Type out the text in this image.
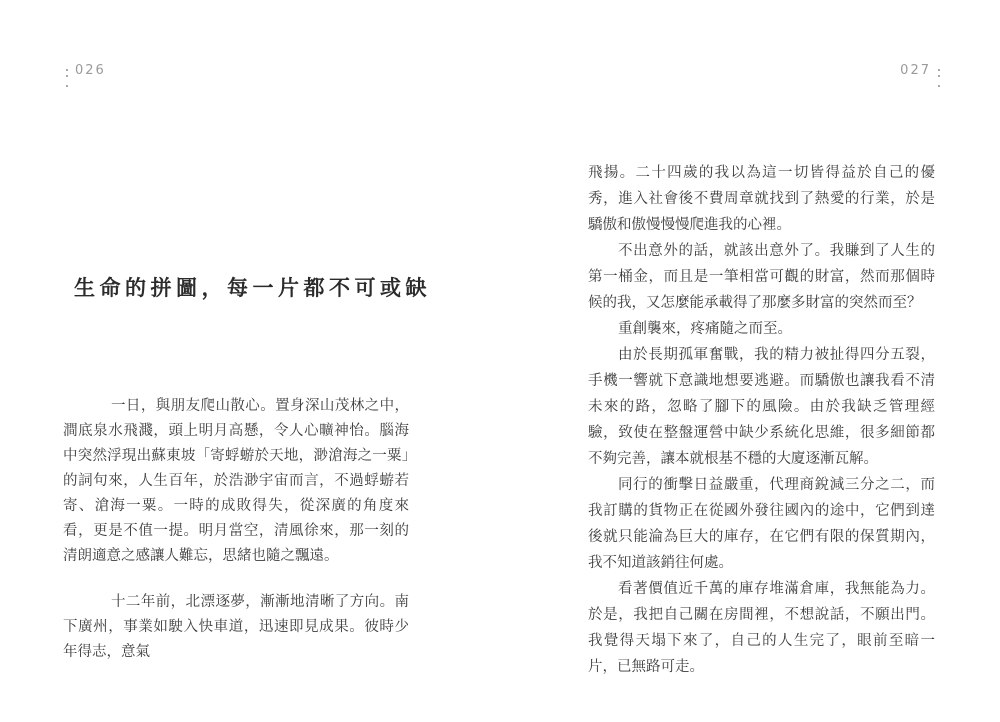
026
生命的拼圖，每一片都不可或缺

一日，與朋友爬山散心。置身深山茂林之中，澗底泉水飛濺，頭上明月高懸，令人心曠神怡。腦海中突然浮現出蘇東坡「寄蜉蝣於天地，渺滄海之一粟」的詞句來，人生百年，於浩渺宇宙而言，不過蜉蝣若寄、滄海一粟。一時的成敗得失，從深廣的角度來看，更是不值一提。明月當空，清風徐來，那一刻的清朗適意之感讓人難忘，思緒也隨之飄遠。

十二年前，北漂逐夢，漸漸地清晰了方向。南下廣州，事業如駛入快車道，迅速即見成果。彼時少年得志，意氣

027

飛揚。二十四歲的我以為這一切皆得益於自己的優秀，進入社會後不費周章就找到了熱愛的行業，於是驕傲和傲慢慢慢爬進我的心裡。

不出意外的話，就該出意外了。我賺到了人生的第一桶金，而且是一筆相當可觀的財富，然而那個時候的我，又怎麼能承載得了那麼多財富的突然而至？

重創襲來，疼痛隨之而至。

由於長期孤軍奮戰，我的精力被扯得四分五裂，手機一響就下意識地想要逃避。而驕傲也讓我看不清未來的路，忽略了腳下的風險。由於我缺乏管理經驗，致使在整盤運營中缺少系統化思維，很多細節都不夠完善，讓本就根基不穩的大廈逐漸瓦解。

同行的衝擊日益嚴重，代理商銳減三分之二，而我訂購的貨物正在從國外發往國內的途中，它們到達後就只能淪為巨大的庫存，在它們有限的保質期內，我不知道該銷往何處。

看著價值近千萬的庫存堆滿倉庫，我無能為力。於是，我把自己關在房間裡，不想說話，不願出門。我覺得天塌下來了，自己的人生完了，眼前至暗一片，已無路可走。
